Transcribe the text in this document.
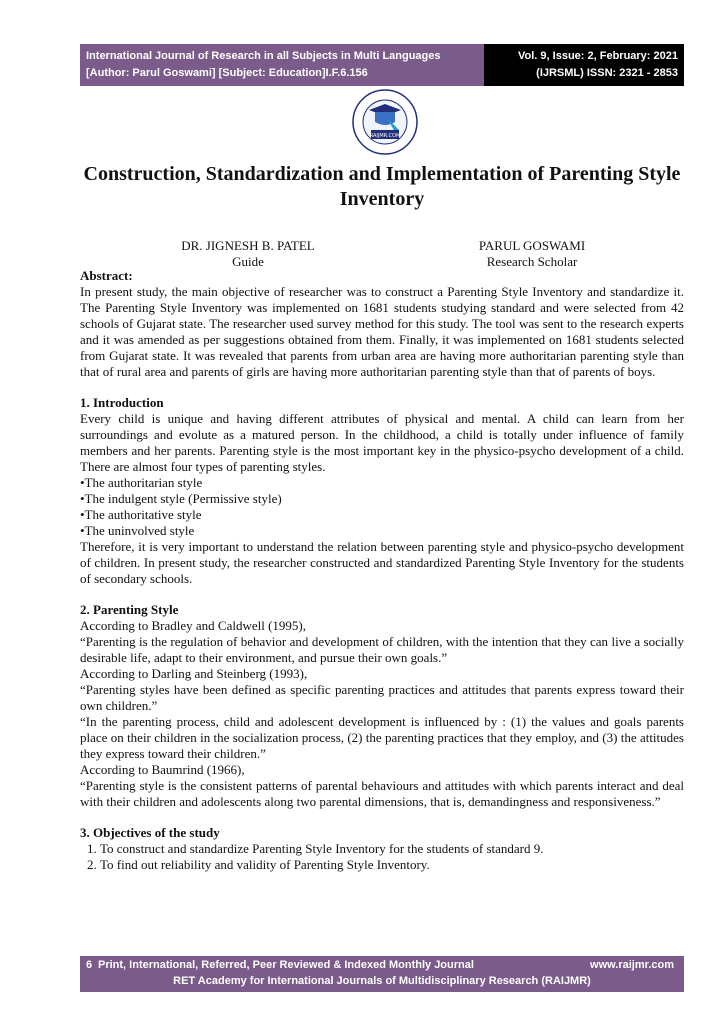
International Journal of Research in all Subjects in Multi Languages
[Author: Parul Goswami] [Subject: Education]I.F.6.156
Vol. 9, Issue: 2, February: 2021
(IJRSML) ISSN: 2321 - 2853
RAIJMR.COM
Construction, Standardization and Implementation of Parenting Style Inventory
DR. JIGNESH B. PATEL
Guide
PARUL GOSWAMI
Research Scholar
Abstract:

In present study, the main objective of researcher was to construct a Parenting Style Inventory and standardize it. The Parenting Style Inventory was implemented on 1681 students studying standard and were selected from 42 schools of Gujarat state. The researcher used survey method for this study. The tool was sent to the research experts and it was amended as per suggestions obtained from them. Finally, it was implemented on 1681 students selected from Gujarat state. It was revealed that parents from urban area are having more authoritarian parenting style than that of rural area and parents of girls are having more authoritarian parenting style than that of parents of boys.

1. Introduction

Every child is unique and having different attributes of physical and mental. A child can learn from her surroundings and evolute as a matured person. In the childhood, a child is totally under influence of family members and her parents. Parenting style is the most important key in the physico-psycho development of a child. There are almost four types of parenting styles.

•The authoritarian style

•The indulgent style (Permissive style)

•The authoritative style

•The uninvolved style

Therefore, it is very important to understand the relation between parenting style and physico-psycho development of children. In present study, the researcher constructed and standardized Parenting Style Inventory for the students of secondary schools.

2. Parenting Style

According to Bradley and Caldwell (1995),

“Parenting is the regulation of behavior and development of children, with the intention that they can live a socially desirable life, adapt to their environment, and pursue their own goals.”

According to Darling and Steinberg (1993),

“Parenting styles have been defined as specific parenting practices and attitudes that parents express toward their own children.”

“In the parenting process, child and adolescent development is influenced by : (1) the values and goals parents place on their children in the socialization process, (2) the parenting practices that they employ, and (3) the attitudes they express toward their children.”

According to Baumrind (1966),

“Parenting style is the consistent patterns of parental behaviours and attitudes with which parents interact and deal with their children and adolescents along two parental dimensions, that is, demandingness and responsiveness.”

3. Objectives of the study
1. To construct and standardize Parenting Style Inventory for the students of standard 9.
2. To find out reliability and validity of Parenting Style Inventory.
6 Print, International, Referred, Peer Reviewed & Indexed Monthly Journal	www.raijmr.com
RET Academy for International Journals of Multidisciplinary Research (RAIJMR)
